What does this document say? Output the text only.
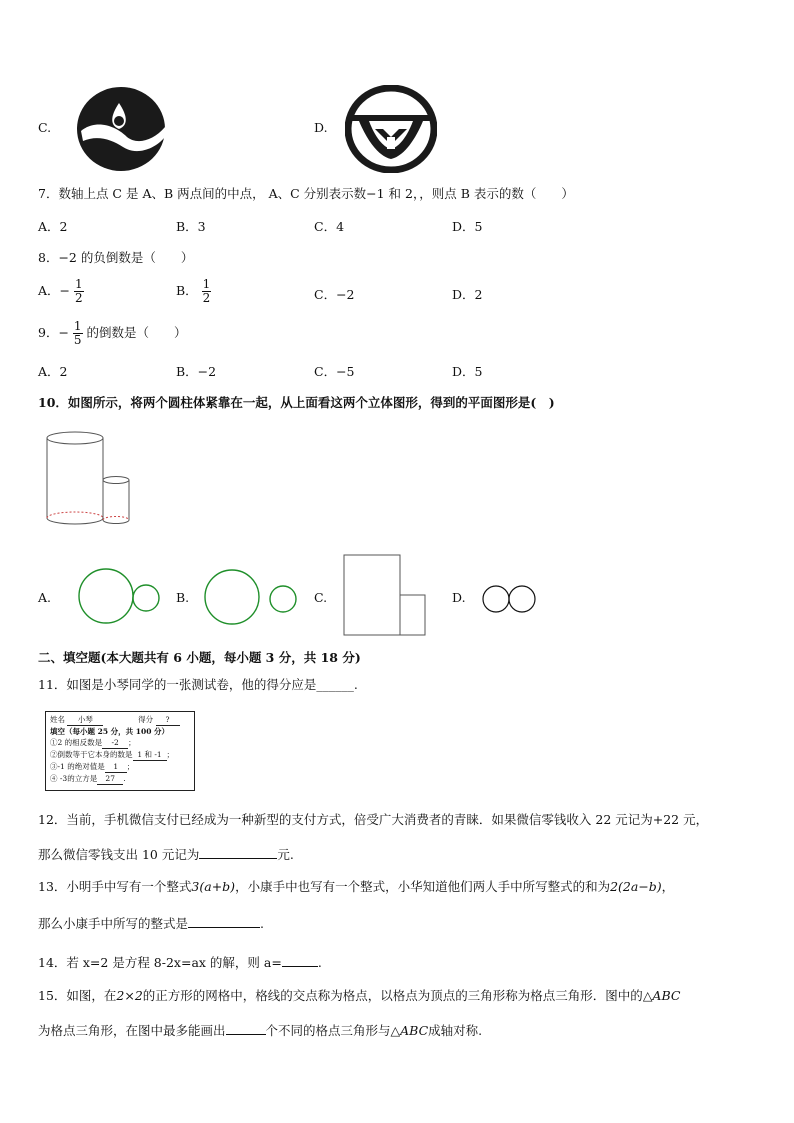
C.	D.
7．数轴上点 C 是 A、B 两点间的中点， A、C 分别表示数−1 和 2，，则点 B 表示的数（　　）
A．2	B．3	C．4	D．5
8．−2 的负倒数是（　　）
A．− $\frac{1}{2}$	B． $\frac{1}{2}$	C．−2	D．2
9．− $\frac{1}{5}$ 的倒数是（　　）
A．2	B．−2	C．−5	D．5
10．如图所示，将两个圆柱体紧靠在一起，从上面看这两个立体图形，得到的平面图形是(　)
A.	B.	C.	D.
二、填空题(本大题共有 6 小题，每小题 3 分，共 18 分)
11．如图是小琴同学的一张测试卷，他的得分应是______.
姓名 小琴	得分 ?
填空（每小题 25 分，共 100 分）
①2 的相反数是 -2 ；
②倒数等于它本身的数是 1 和 -1 ；
③-1 的绝对值是 1 ；
④ -3的立方是 27 .
12．当前，手机微信支付已经成为一种新型的支付方式，倍受广大消费者的青睐．如果微信零钱收入 22 元记为+22 元，
那么微信零钱支出 10 元记为	元.
13．小明手中写有一个整式3(a+b)，小康手中也写有一个整式，小华知道他们两人手中所写整式的和为2(2a−b)，
那么小康手中所写的整式是	.
14．若 x=2 是方程 8-2x=ax 的解，则 a=	.
15．如图，在2×2的正方形的网格中，格线的交点称为格点，以格点为顶点的三角形称为格点三角形．图中的△ABC
为格点三角形，在图中最多能画出	个不同的格点三角形与△ABC成轴对称.
